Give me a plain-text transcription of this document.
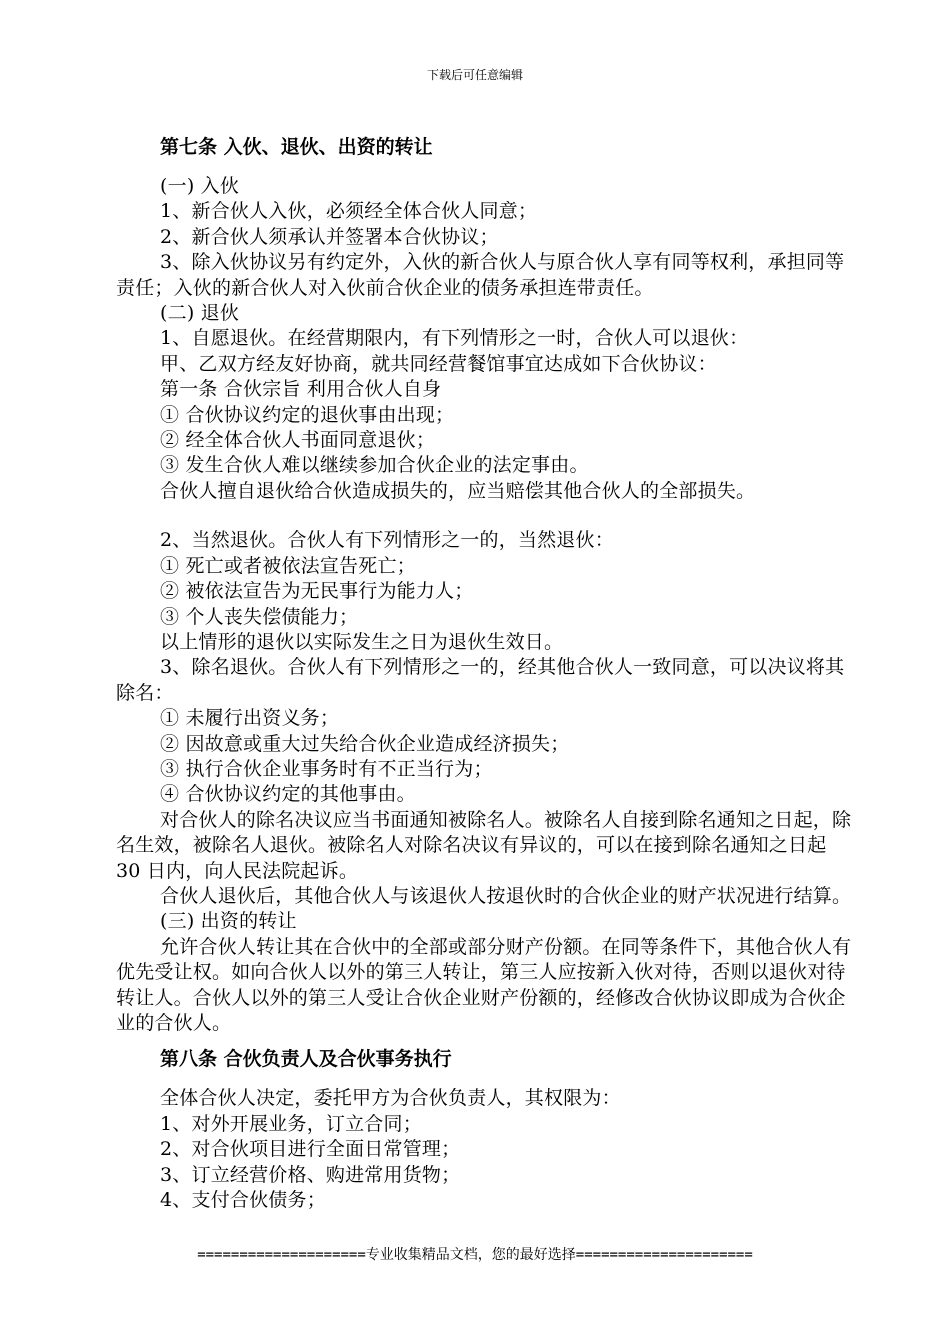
下载后可任意编辑
第七条 入伙、退伙、出资的转让

(一) 入伙

1、新合伙人入伙，必须经全体合伙人同意；

2、新合伙人须承认并签署本合伙协议；

3、除入伙协议另有约定外，入伙的新合伙人与原合伙人享有同等权利，承担同等责任；入伙的新合伙人对入伙前合伙企业的债务承担连带责任。

(二) 退伙

1、自愿退伙。在经营期限内，有下列情形之一时，合伙人可以退伙：

甲、乙双方经友好协商，就共同经营餐馆事宜达成如下合伙协议：

第一条 合伙宗旨 利用合伙人自身

① 合伙协议约定的退伙事由出现；

② 经全体合伙人书面同意退伙；

③ 发生合伙人难以继续参加合伙企业的法定事由。

合伙人擅自退伙给合伙造成损失的，应当赔偿其他合伙人的全部损失。

2、当然退伙。合伙人有下列情形之一的，当然退伙：

① 死亡或者被依法宣告死亡；

② 被依法宣告为无民事行为能力人；

③ 个人丧失偿债能力；

以上情形的退伙以实际发生之日为退伙生效日。

3、除名退伙。合伙人有下列情形之一的，经其他合伙人一致同意，可以决议将其除名：

① 未履行出资义务；

② 因故意或重大过失给合伙企业造成经济损失；

③ 执行合伙企业事务时有不正当行为；

④ 合伙协议约定的其他事由。

对合伙人的除名决议应当书面通知被除名人。被除名人自接到除名通知之日起，除名生效，被除名人退伙。被除名人对除名决议有异议的，可以在接到除名通知之日起 30 日内，向人民法院起诉。

合伙人退伙后，其他合伙人与该退伙人按退伙时的合伙企业的财产状况进行结算。

(三) 出资的转让

允许合伙人转让其在合伙中的全部或部分财产份额。在同等条件下，其他合伙人有优先受让权。如向合伙人以外的第三人转让，第三人应按新入伙对待，否则以退伙对待转让人。合伙人以外的第三人受让合伙企业财产份额的，经修改合伙协议即成为合伙企业的合伙人。

第八条 合伙负责人及合伙事务执行

全体合伙人决定，委托甲方为合伙负责人，其权限为：

1、对外开展业务，订立合同；

2、对合伙项目进行全面日常管理；

3、订立经营价格、购进常用货物；

4、支付合伙债务；

====================专业收集精品文档，您的最好选择=====================
